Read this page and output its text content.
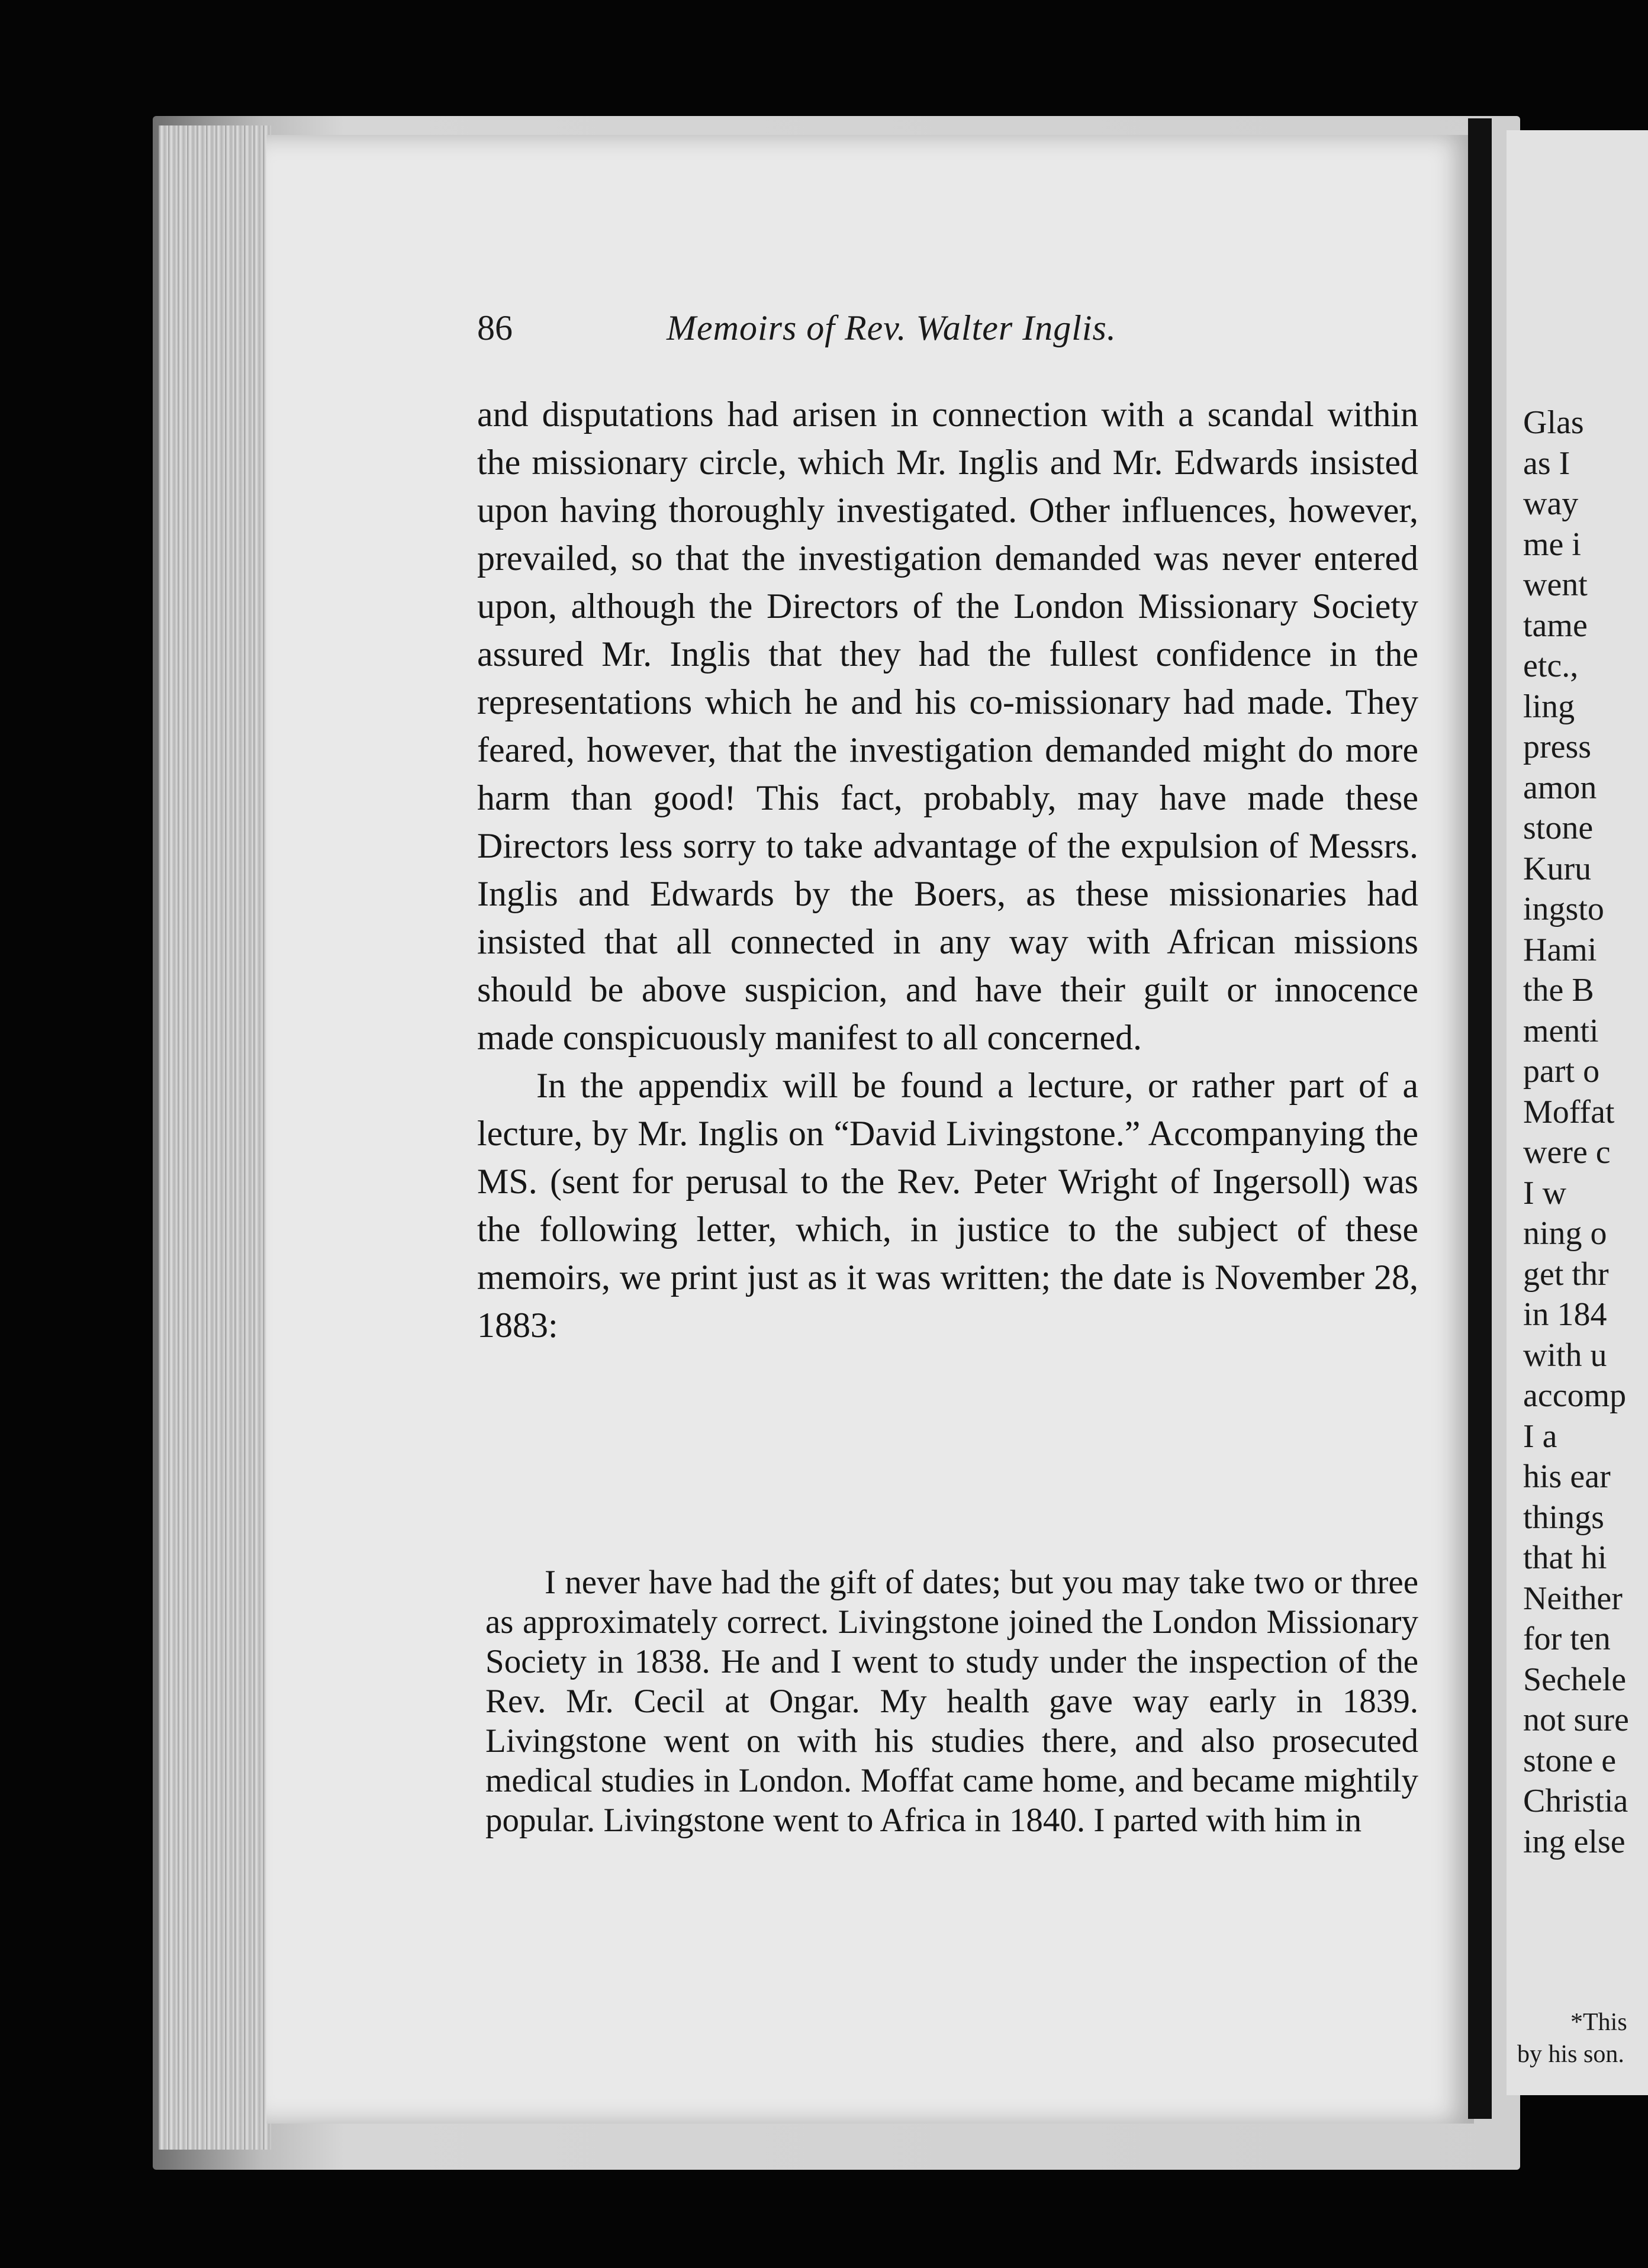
Glas
as I
way
me i
went
tame
etc.,
ling
press
amon
stone
Kuru
ingsto
Hami
the B
menti
part o
Moffat
were c
I w
ning o
get thr
in 184
with u
accomp
I a
his ear
things
that hi
Neither
for ten
Sechele
not sure
stone e
Christia
ing else
*This
by his son.
86	Memoirs of Rev. Walter Inglis.

and disputations had arisen in connection with a scandal within the missionary circle, which Mr. Inglis and Mr. Edwards insisted upon having thoroughly investigated. Other influences, however, prevailed, so that the investigation demanded was never entered upon, although the Directors of the London Missionary Society assured Mr. Inglis that they had the fullest confidence in the representations which he and his co-missionary had made. They feared, however, that the investigation demanded might do more harm than good! This fact, probably, may have made these Directors less sorry to take advantage of the expulsion of Messrs. Inglis and Edwards by the Boers, as these missionaries had insisted that all connected in any way with African missions should be above suspicion, and have their guilt or innocence made conspicuously manifest to all concerned.

In the appendix will be found a lecture, or rather part of a lecture, by Mr. Inglis on “David Livingstone.” Accompanying the MS. (sent for perusal to the Rev. Peter Wright of Ingersoll) was the following letter, which, in justice to the subject of these memoirs, we print just as it was written; the date is November 28, 1883:

I never have had the gift of dates; but you may take two or three as approximately correct. Livingstone joined the London Missionary Society in 1838. He and I went to study under the inspection of the Rev. Mr. Cecil at Ongar. My health gave way early in 1839. Livingstone went on with his studies there, and also prosecuted medical studies in London. Moffat came home, and became mightily popular. Livingstone went to Africa in 1840. I parted with him in
